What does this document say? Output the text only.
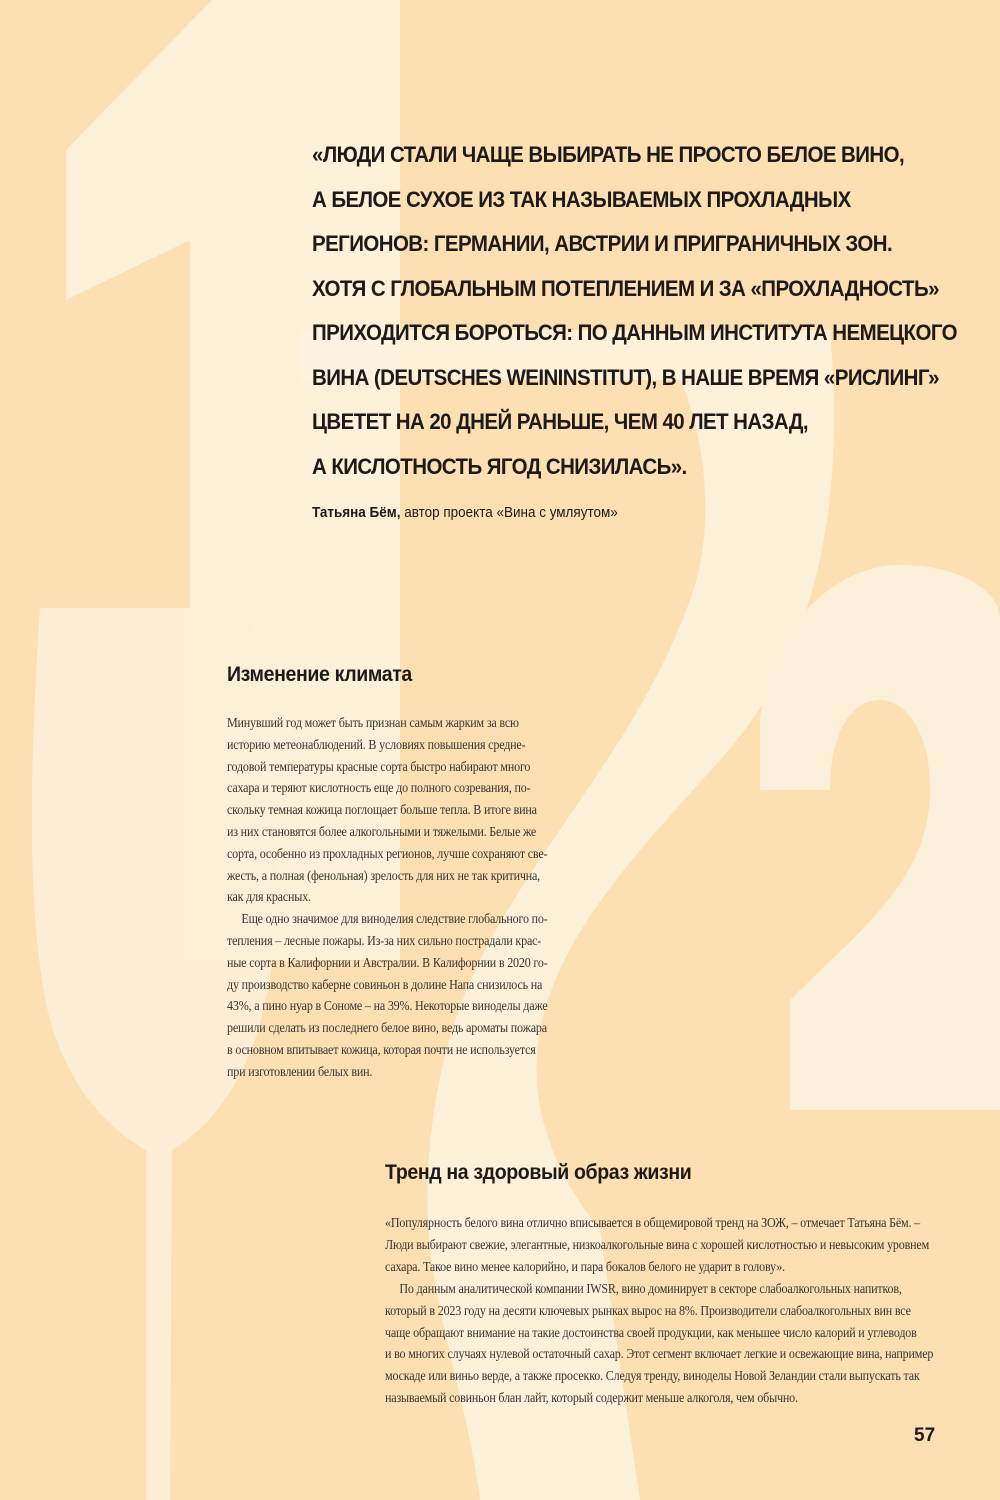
«ЛЮДИ СТАЛИ ЧАЩЕ ВЫБИРАТЬ НЕ ПРОСТО БЕЛОЕ ВИНО,
А БЕЛОЕ СУХОЕ ИЗ ТАК НАЗЫВАЕМЫХ ПРОХЛАДНЫХ
РЕГИОНОВ: ГЕРМАНИИ, АВСТРИИ И ПРИГРАНИЧНЫХ ЗОН.
ХОТЯ С ГЛОБАЛЬНЫМ ПОТЕПЛЕНИЕМ И ЗА «ПРОХЛАДНОСТЬ»
ПРИХОДИТСЯ БОРОТЬСЯ: ПО ДАННЫМ ИНСТИТУТА НЕМЕЦКОГО
ВИНА (DEUTSCHES WEININSTITUT), В НАШЕ ВРЕМЯ «РИСЛИНГ»
ЦВЕТЕТ НА 20 ДНЕЙ РАНЬШЕ, ЧЕМ 40 ЛЕТ НАЗАД,
А КИСЛОТНОСТЬ ЯГОД СНИЗИЛАСЬ».
Татьяна Бём, автор проекта «Вина с умляутом»
Изменение климата
Минувший год может быть признан самым жарким за всю
историю метеонаблюдений. В условиях повышения средне-
годовой температуры красные сорта быстро набирают много
сахара и теряют кислотность еще до полного созревания, по-
скольку темная кожица поглощает больше тепла. В итоге вина
из них становятся более алкогольными и тяжелыми. Белые же
сорта, особенно из прохладных регионов, лучше сохраняют све-
жесть, а полная (фенольная) зрелость для них не так критична,
как для красных.
Еще одно значимое для виноделия следствие глобального по-
тепления – лесные пожары. Из-за них сильно пострадали крас-
ные сорта в Калифорнии и Австралии. В Калифорнии в 2020 го-
ду производство каберне совиньон в долине Напа снизилось на
43%, а пино нуар в Сономе – на 39%. Некоторые виноделы даже
решили сделать из последнего белое вино, ведь ароматы пожара
в основном впитывает кожица, которая почти не используется
при изготовлении белых вин.
Тренд на здоровый образ жизни
«Популярность белого вина отлично вписывается в общемировой тренд на ЗОЖ, – отмечает Татьяна Бём. –
Люди выбирают свежие, элегантные, низкоалкогольные вина с хорошей кислотностью и невысоким уровнем
сахара. Такое вино менее калорийно, и пара бокалов белого не ударит в голову».
По данным аналитической компании IWSR, вино доминирует в секторе слабоалкогольных напитков,
который в 2023 году на десяти ключевых рынках вырос на 8%. Производители слабоалкогольных вин все
чаще обращают внимание на такие достоинства своей продукции, как меньшее число калорий и углеводов
и во многих случаях нулевой остаточный сахар. Этот сегмент включает легкие и освежающие вина, например
москаде или виньо верде, а также просекко. Следуя тренду, виноделы Новой Зеландии стали выпускать так
называемый совиньон блан лайт, который содержит меньше алкоголя, чем обычно.
57
